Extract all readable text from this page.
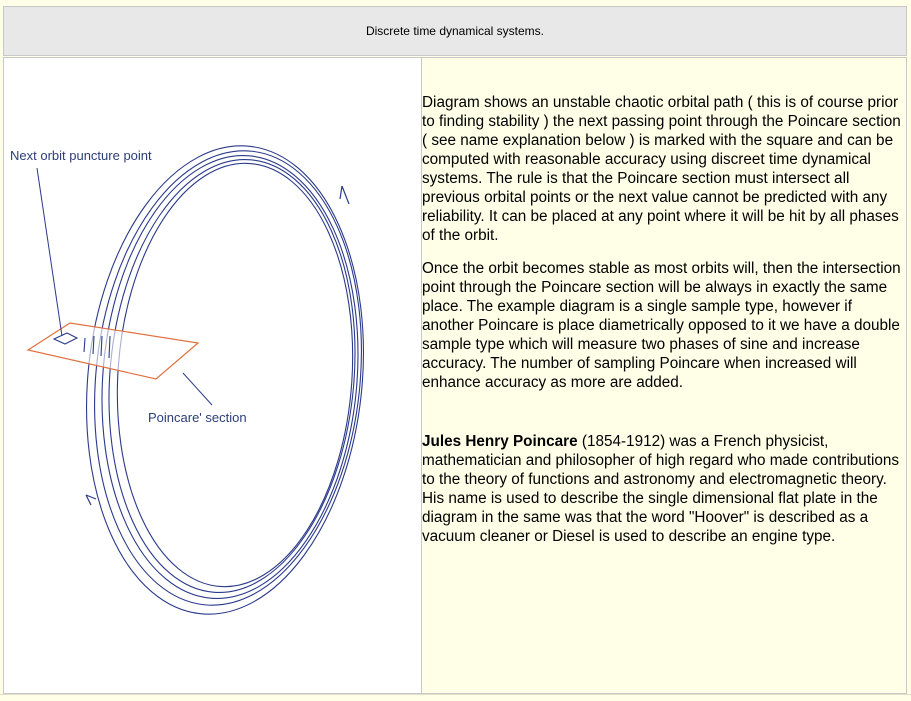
Discrete time dynamical systems.
Next orbit puncture point
Poincare' section

Diagram shows an unstable chaotic orbital path ( this is of course prior to finding stability ) the next passing point through the Poincare section ( see name explanation below ) is marked with the square and can be computed with reasonable accuracy using discreet time dynamical systems. The rule is that the Poincare section must intersect all previous orbital points or the next value cannot be predicted with any reliability. It can be placed at any point where it will be hit by all phases of the orbit.

Once the orbit becomes stable as most orbits will, then the intersection point through the Poincare section will be always in exactly the same place. The example diagram is a single sample type, however if another Poincare is place diametrically opposed to it we have a double sample type which will measure two phases of sine and increase accuracy. The number of sampling Poincare when increased will enhance accuracy as more are added.

Jules Henry Poincare (1854-1912) was a French physicist, mathematician and philosopher of high regard who made contributions to the theory of functions and astronomy and electromagnetic theory. His name is used to describe the single dimensional flat plate in the diagram in the same was that the word "Hoover" is described as a vacuum cleaner or Diesel is used to describe an engine type.
